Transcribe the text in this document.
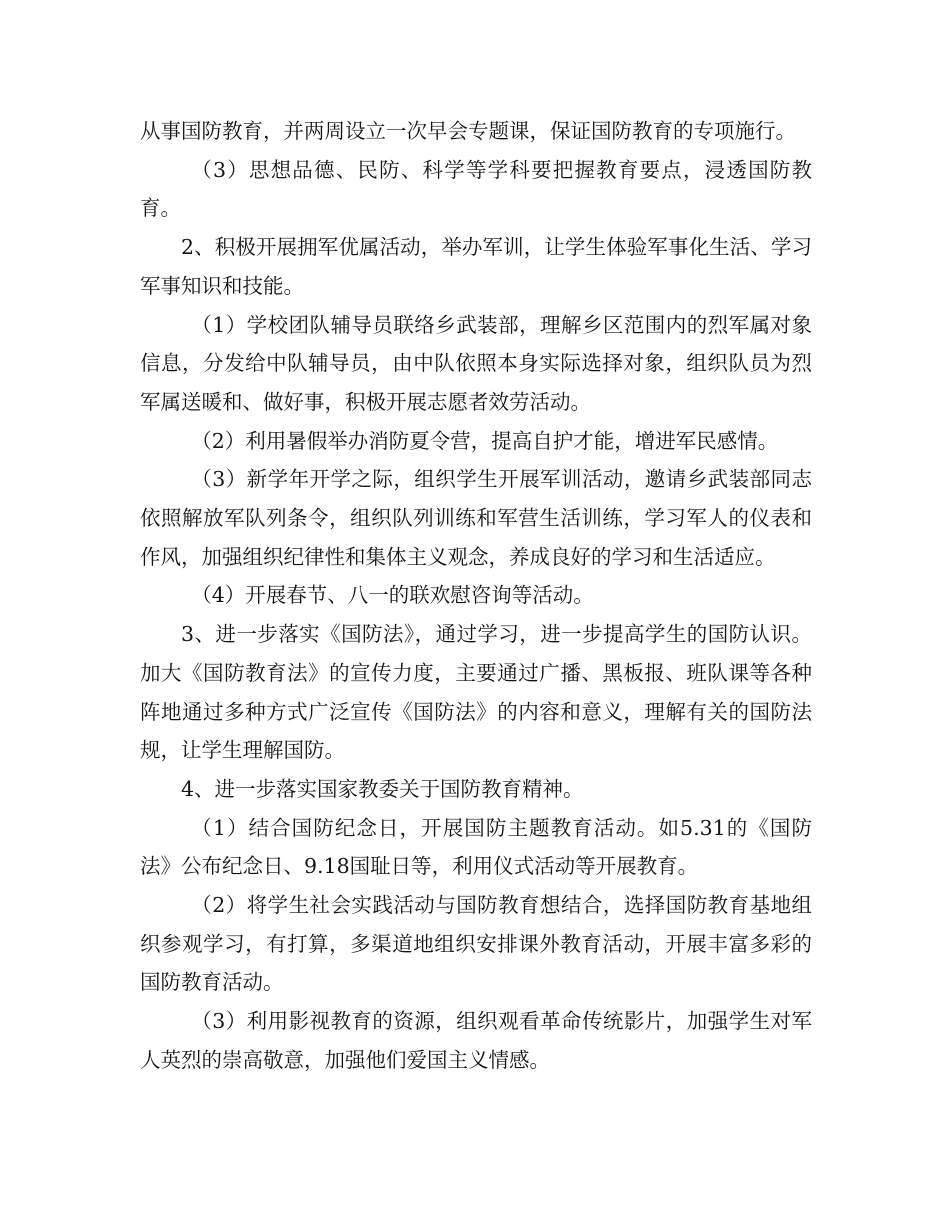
从事国防教育，并两周设立一次早会专题课，保证国防教育的专项施行。

（3）思想品德、民防、科学等学科要把握教育要点，浸透国防教育。

2、积极开展拥军优属活动，举办军训，让学生体验军事化生活、学习军事知识和技能。

（1）学校团队辅导员联络乡武装部，理解乡区范围内的烈军属对象信息，分发给中队辅导员，由中队依照本身实际选择对象，组织队员为烈军属送暖和、做好事，积极开展志愿者效劳活动。

（2）利用暑假举办消防夏令营，提高自护才能，增进军民感情。

（3）新学年开学之际，组织学生开展军训活动，邀请乡武装部同志依照解放军队列条令，组织队列训练和军营生活训练，学习军人的仪表和作风，加强组织纪律性和集体主义观念，养成良好的学习和生活适应。

（4）开展春节、八一的联欢慰咨询等活动。

3、进一步落实《国防法》，通过学习，进一步提高学生的国防认识。加大《国防教育法》的宣传力度，主要通过广播、黑板报、班队课等各种阵地通过多种方式广泛宣传《国防法》的内容和意义，理解有关的国防法规，让学生理解国防。

4、进一步落实国家教委关于国防教育精神。

（1）结合国防纪念日，开展国防主题教育活动。如5.31的《国防法》公布纪念日、9.18国耻日等，利用仪式活动等开展教育。

（2）将学生社会实践活动与国防教育想结合，选择国防教育基地组织参观学习，有打算，多渠道地组织安排课外教育活动，开展丰富多彩的国防教育活动。

（3）利用影视教育的资源，组织观看革命传统影片，加强学生对军人英烈的崇高敬意，加强他们爱国主义情感。
